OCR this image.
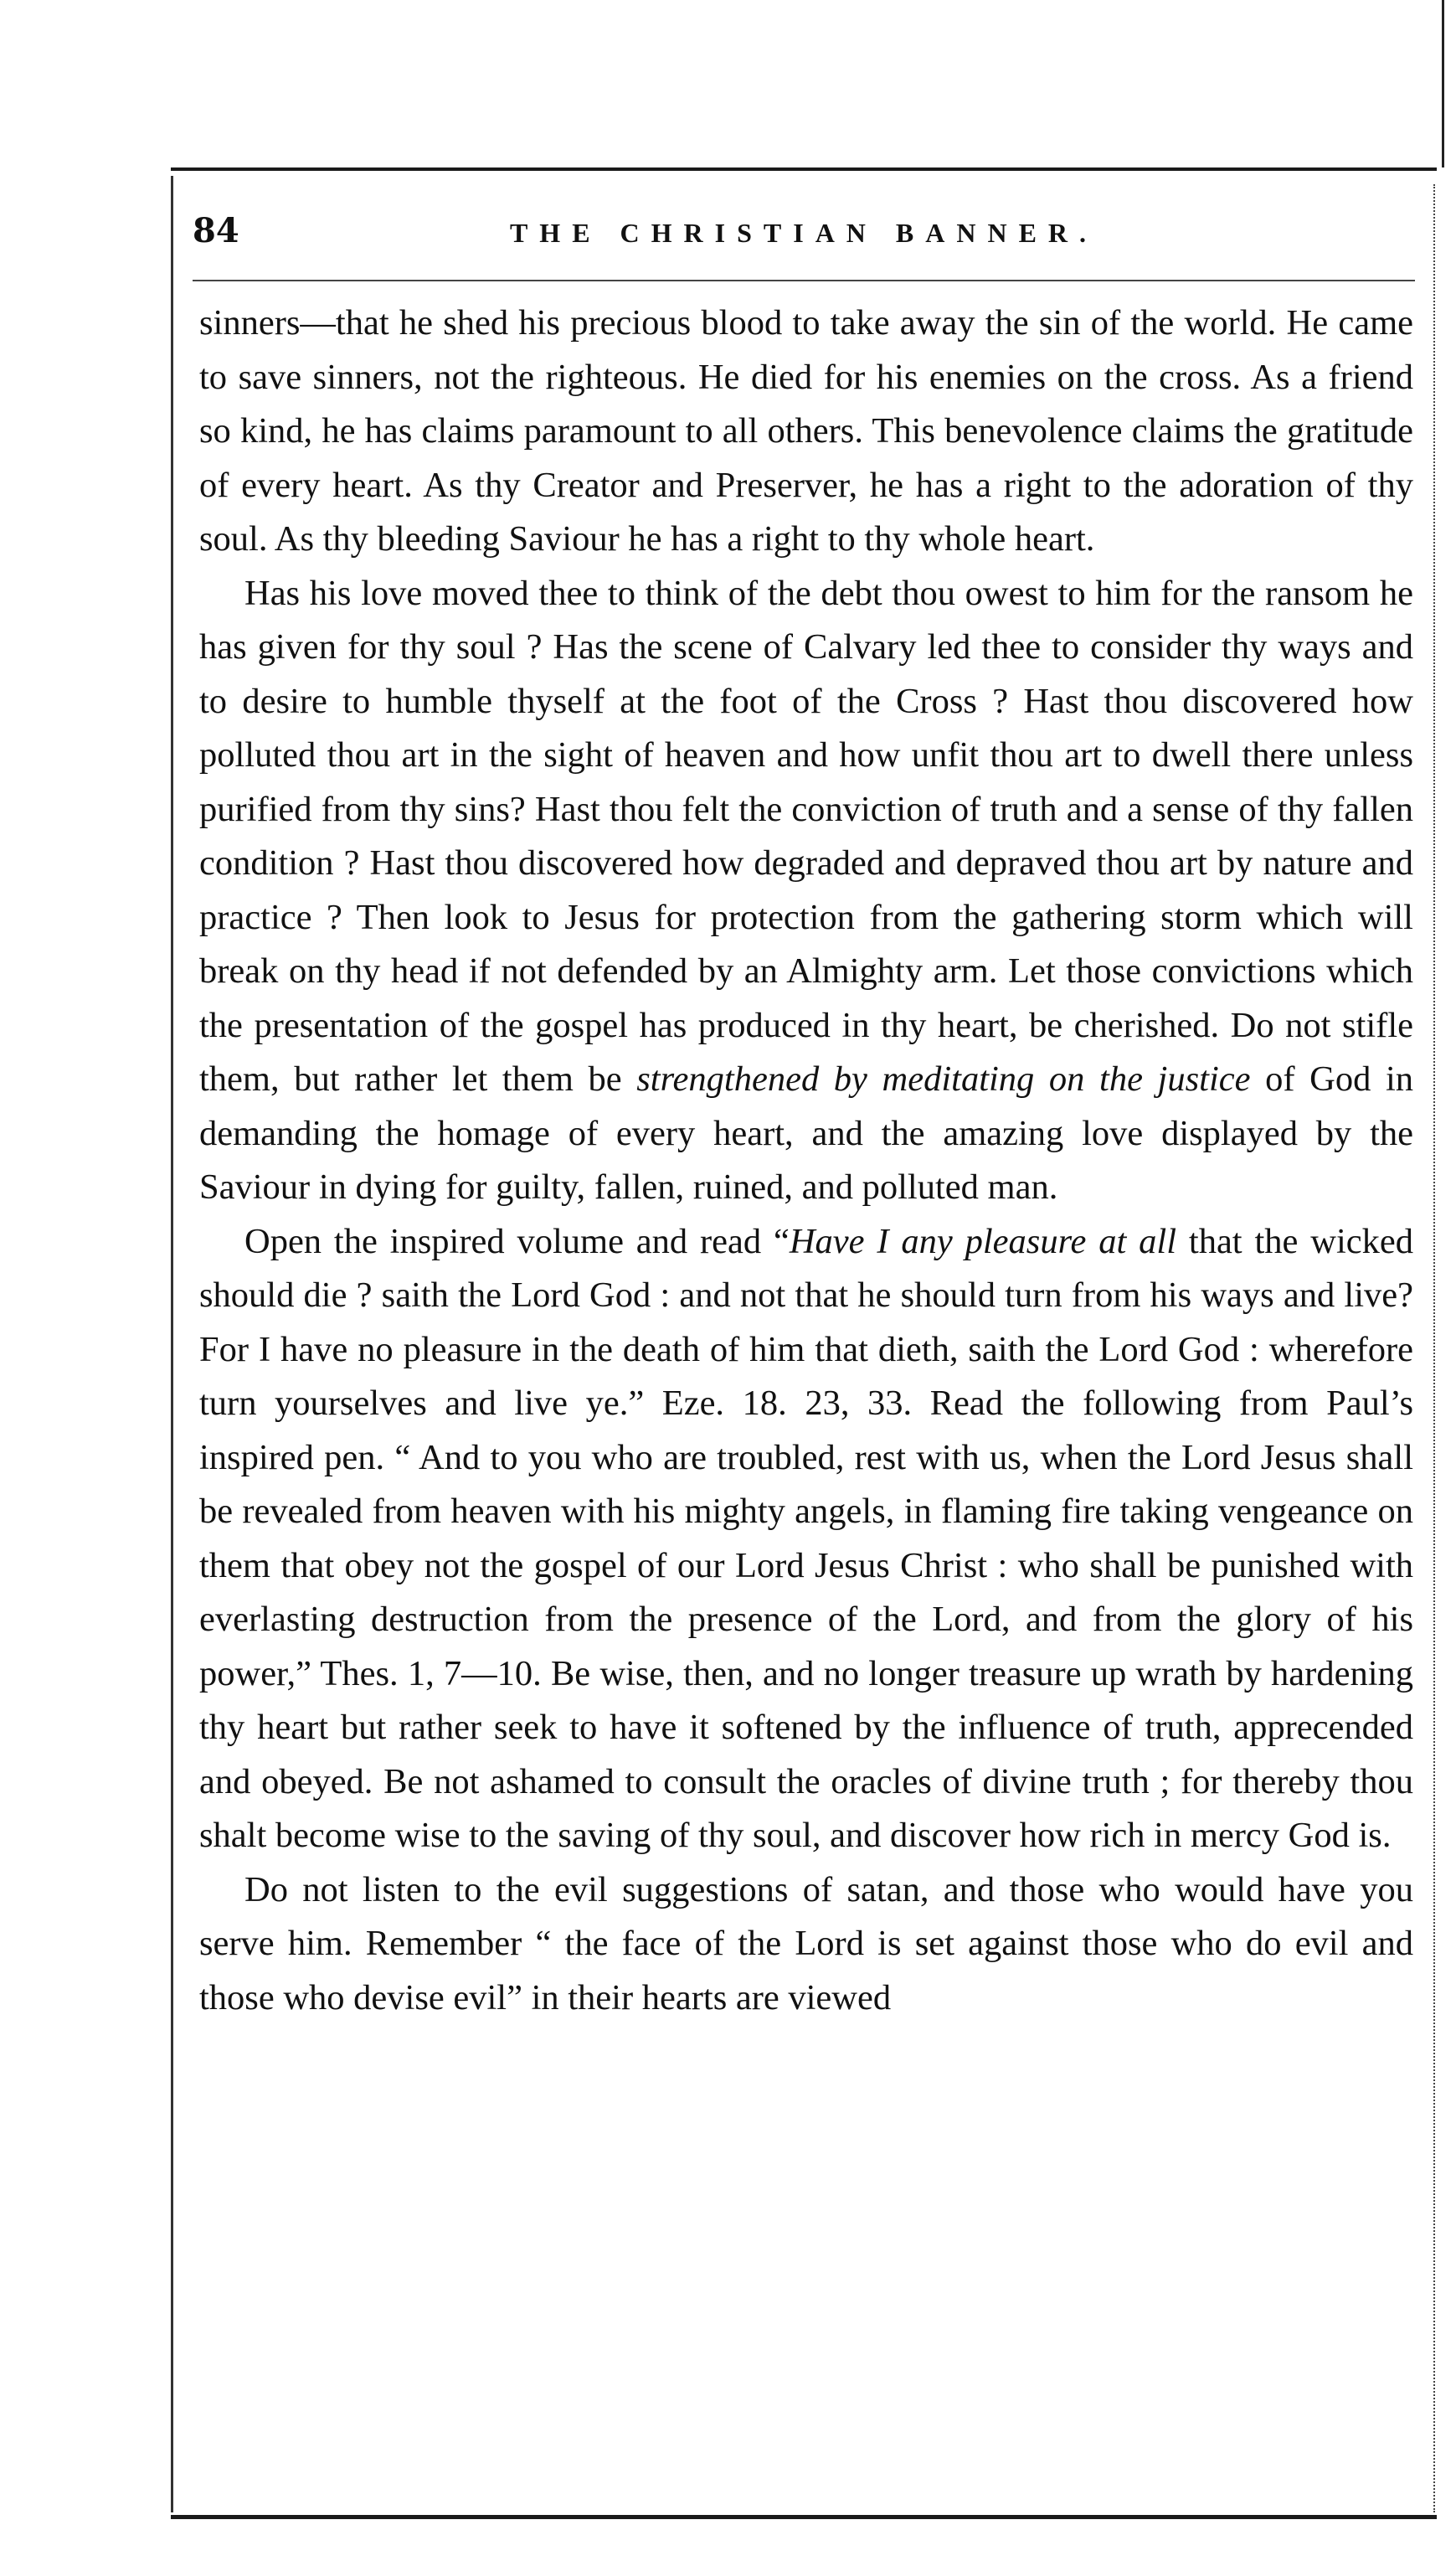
84	THE CHRISTIAN BANNER.

sinners—that he shed his precious blood to take away the sin of the world. He came to save sinners, not the righteous. He died for his enemies on the cross. As a friend so kind, he has claims paramount to all others. This benevolence claims the gratitude of every heart. As thy Creator and Preserver, he has a right to the adoration of thy soul. As thy bleeding Saviour he has a right to thy whole heart.

Has his love moved thee to think of the debt thou owest to him for the ransom he has given for thy soul ? Has the scene of Calvary led thee to consider thy ways and to desire to humble thyself at the foot of the Cross ? Hast thou discovered how polluted thou art in the sight of heaven and how unfit thou art to dwell there unless purified from thy sins? Hast thou felt the conviction of truth and a sense of thy fallen condition ? Hast thou discovered how degraded and depraved thou art by nature and practice ? Then look to Jesus for protection from the gathering storm which will break on thy head if not defended by an Almighty arm. Let those convictions which the presentation of the gospel has produced in thy heart, be cherished. Do not stifle them, but rather let them be strengthened by meditating on the justice of God in demanding the homage of every heart, and the amazing love displayed by the Saviour in dying for guilty, fallen, ruined, and polluted man.

Open the inspired volume and read “Have I any pleasure at all that the wicked should die ? saith the Lord God : and not that he should turn from his ways and live? For I have no pleasure in the death of him that dieth, saith the Lord God : wherefore turn yourselves and live ye.” Eze. 18. 23, 33. Read the following from Paul’s inspired pen. “ And to you who are troubled, rest with us, when the Lord Jesus shall be revealed from heaven with his mighty angels, in flaming fire taking vengeance on them that obey not the gospel of our Lord Jesus Christ : who shall be punished with everlasting destruction from the presence of the Lord, and from the glory of his power,” Thes. 1, 7—10. Be wise, then, and no longer treasure up wrath by hardening thy heart but rather seek to have it softened by the influence of truth, apprecended and obeyed. Be not ashamed to consult the oracles of divine truth ; for thereby thou shalt become wise to the saving of thy soul, and discover how rich in mercy God is.

Do not listen to the evil suggestions of satan, and those who would have you serve him. Remember “ the face of the Lord is set against those who do evil and those who devise evil” in their hearts are viewed
